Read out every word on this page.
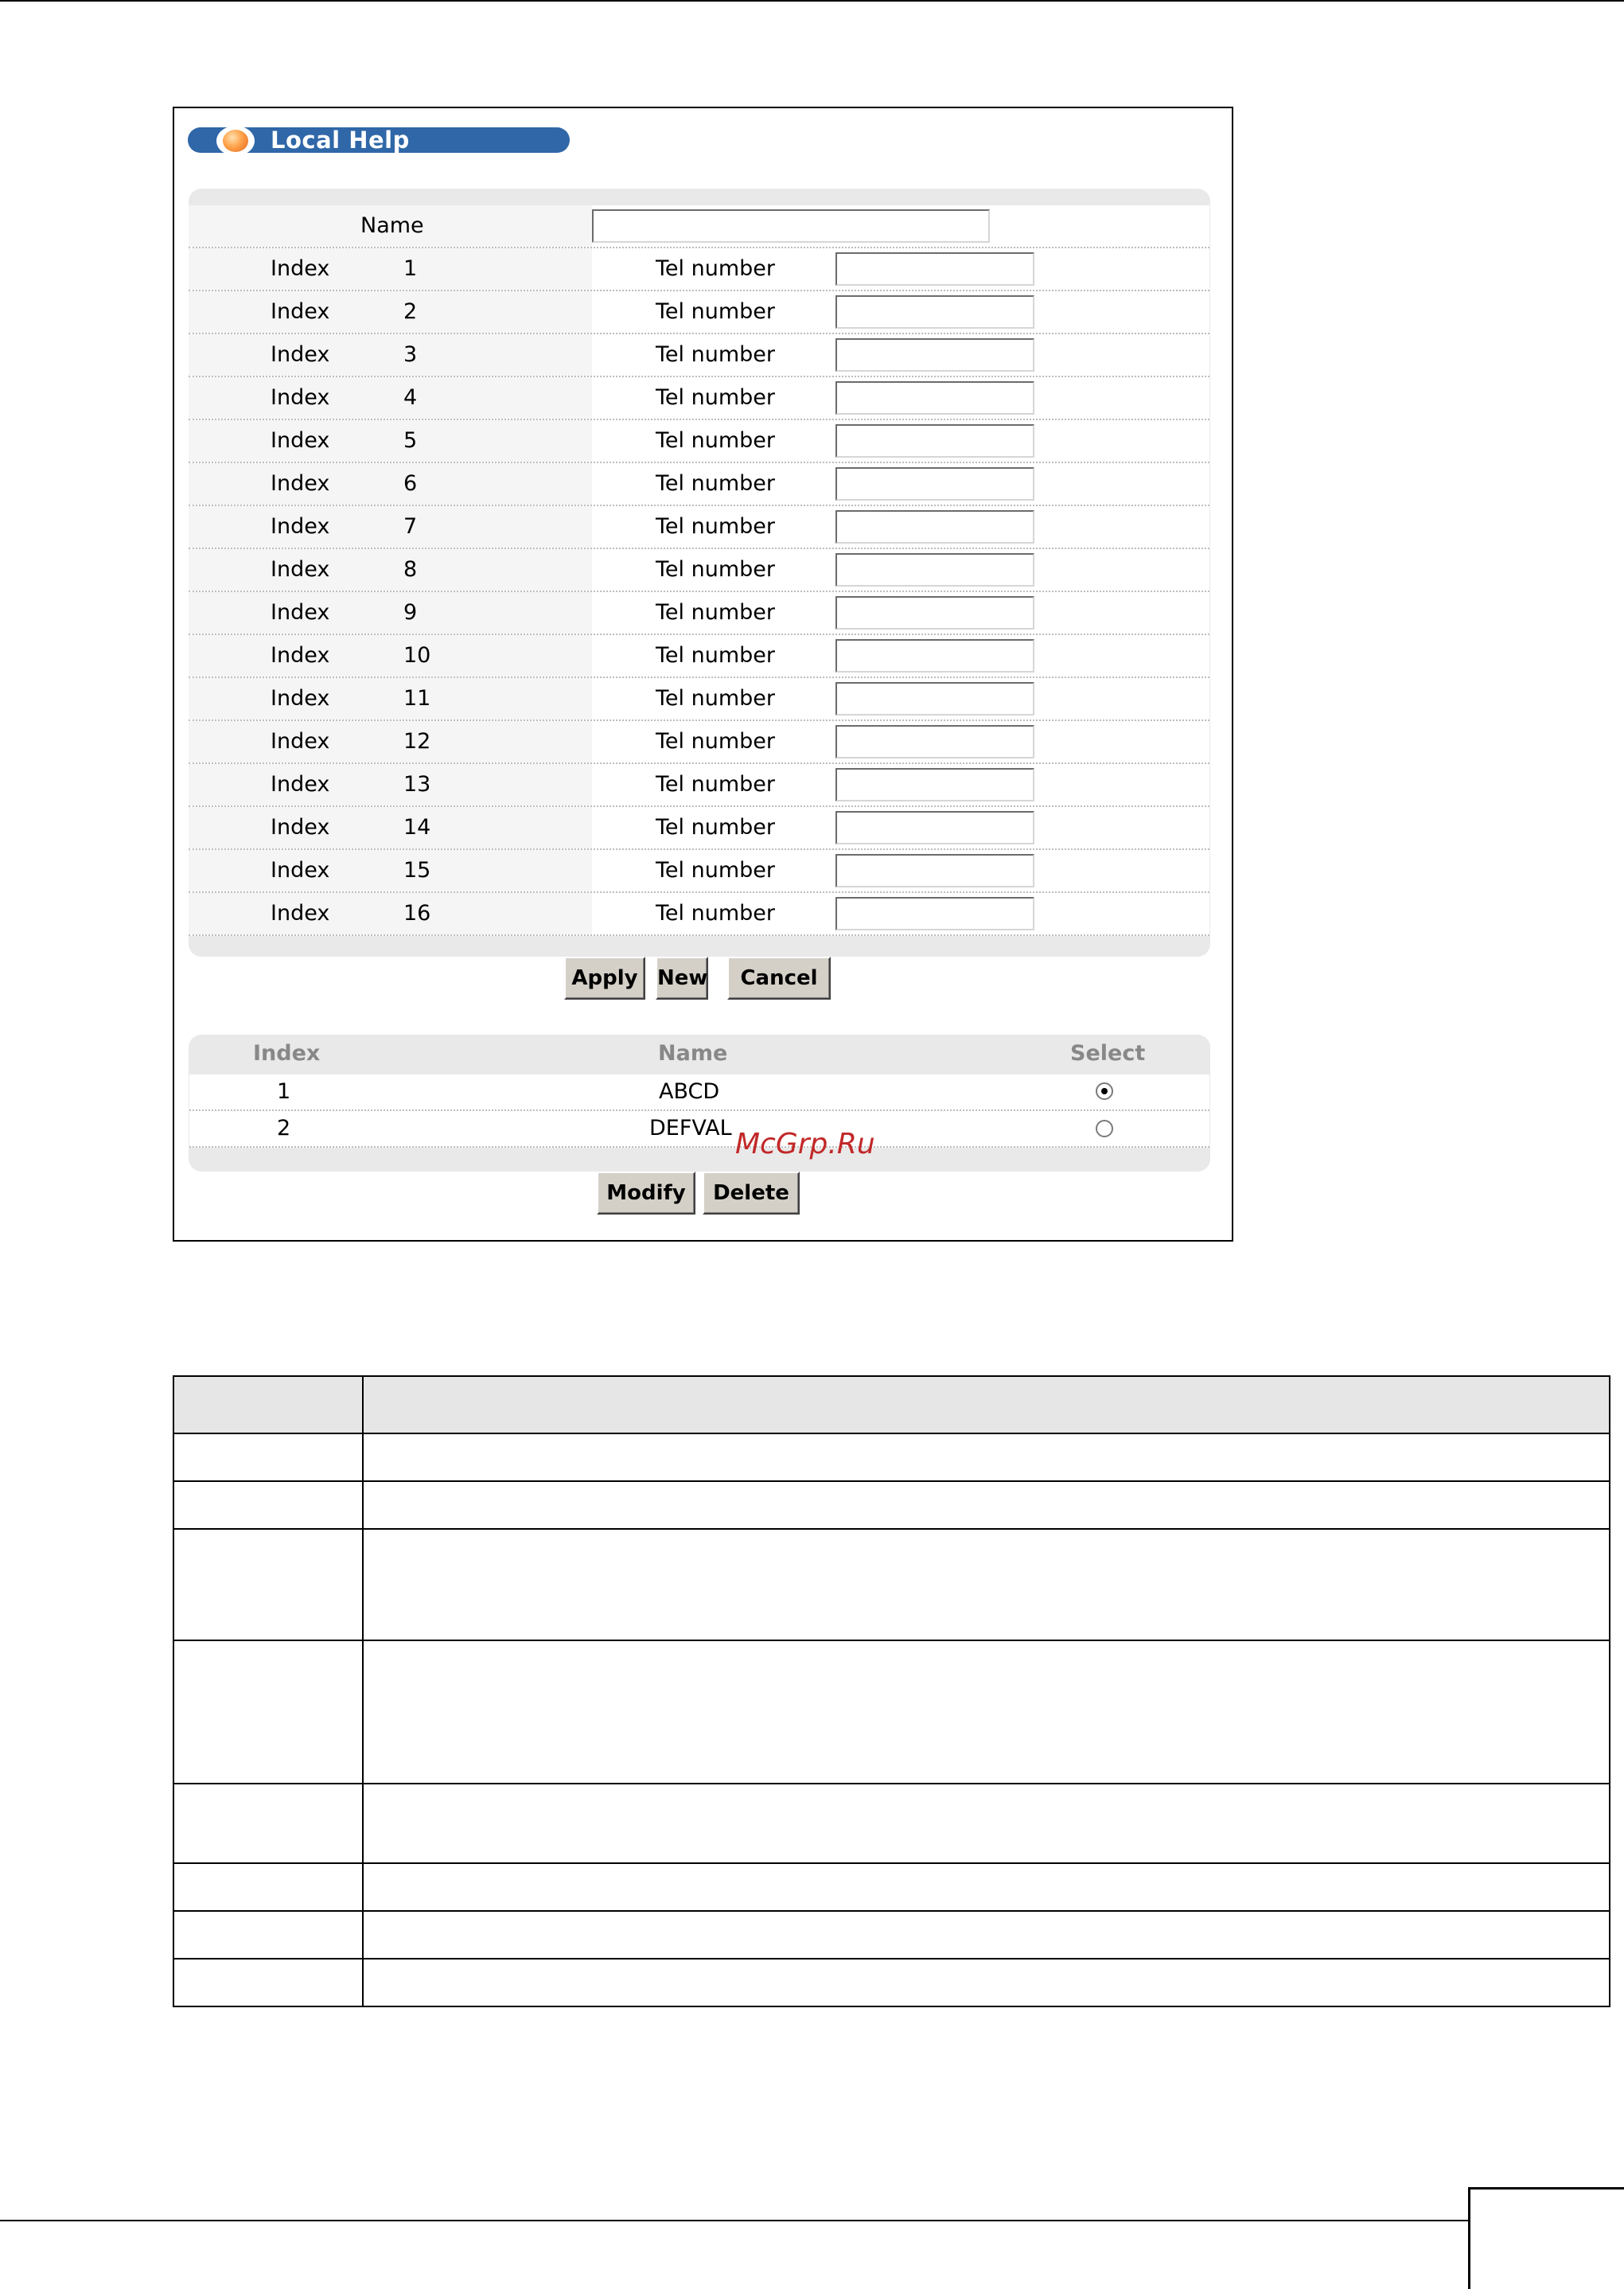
Local Help
Name
Index	1	Tel number
Index	2	Tel number
Index	3	Tel number
Index	4	Tel number
Index	5	Tel number
Index	6	Tel number
Index	7	Tel number
Index	8	Tel number
Index	9	Tel number
Index	10	Tel number
Index	11	Tel number
Index	12	Tel number
Index	13	Tel number
Index	14	Tel number
Index	15	Tel number
Index	16	Tel number
Apply New	Cancel
Index	Name	Select
1	ABCD
2	DEFVAL McGrp.Ru
Modify	Delete
